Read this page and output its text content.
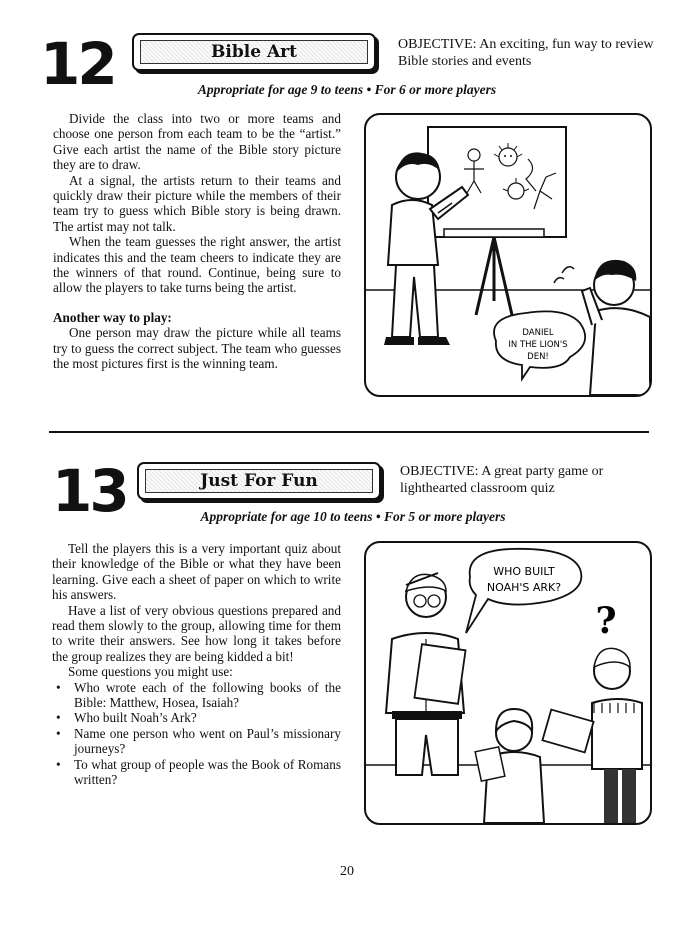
12	Bible Art	OBJECTIVE: An exciting, fun way to review Bible stories and events
Appropriate for age 9 to teens • For 6 or more players

Divide the class into two or more teams and choose one person from each team to be the “artist.” Give each artist the name of the Bible story picture they are to draw.

At a signal, the artists return to their teams and quickly draw their picture while the members of their team try to guess which Bible story is being drawn. The artist may not talk.

When the team guesses the right answer, the artist indicates this and the team cheers to indicate they are the winners of that round. Continue, being sure to allow the players to take turns being the artist.

Another way to play:

One person may draw the picture while all teams try to guess the correct subject. The team who guesses the most pictures first is the winning team.

DANIEL
IN THE LION'S
DEN!
13	Just For Fun	OBJECTIVE: A great party game or lighthearted classroom quiz
Appropriate for age 10 to teens • For 5 or more players

Tell the players this is a very important quiz about their knowledge of the Bible or what they have been learning. Give each a sheet of paper on which to write his answers.

Have a list of very obvious questions prepared and read them slowly to the group, allowing time for them to write their answers. See how long it takes before the group realizes they are being kidded a bit!

Some questions you might use:

• Who wrote each of the following books of the Bible: Matthew, Hosea, Isaiah?
• Who built Noah’s Ark?
• Name one person who went on Paul’s missionary journeys?
• To what group of people was the Book of Romans written?
WHO BUILT
NOAH'S ARK?
?
20
